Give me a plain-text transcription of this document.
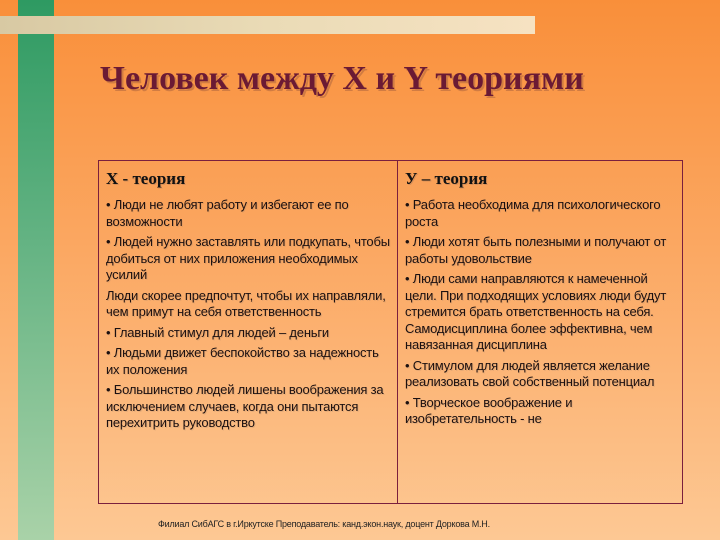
Человек между X и Y теориями
X - теория

• Люди не любят работу и избегают ее по возможности

• Людей нужно заставлять или подкупать, чтобы добиться от них приложения необходимых усилий

Люди скорее предпочтут, чтобы их направляли, чем примут на себя ответственность

• Главный стимул для людей – деньги

• Людьми движет беспокойство за надежность их положения

• Большинство людей лишены воображения за исключением случаев, когда они пытаются перехитрить руководство

У – теория

• Работа необходима для психологического роста

• Люди хотят быть полезными и получают от работы удовольствие

• Люди сами направляются к намеченной цели. При подходящих условиях люди будут стремится брать ответственность на себя. Самодисциплина более эффективна, чем навязанная дисциплина

• Стимулом для людей является желание реализовать свой собственный потенциал

• Творческое воображение и изобретательность - не

Филиал СибАГС в г.Иркутске Преподаватель: канд.экон.наук, доцент Доркова М.Н.
